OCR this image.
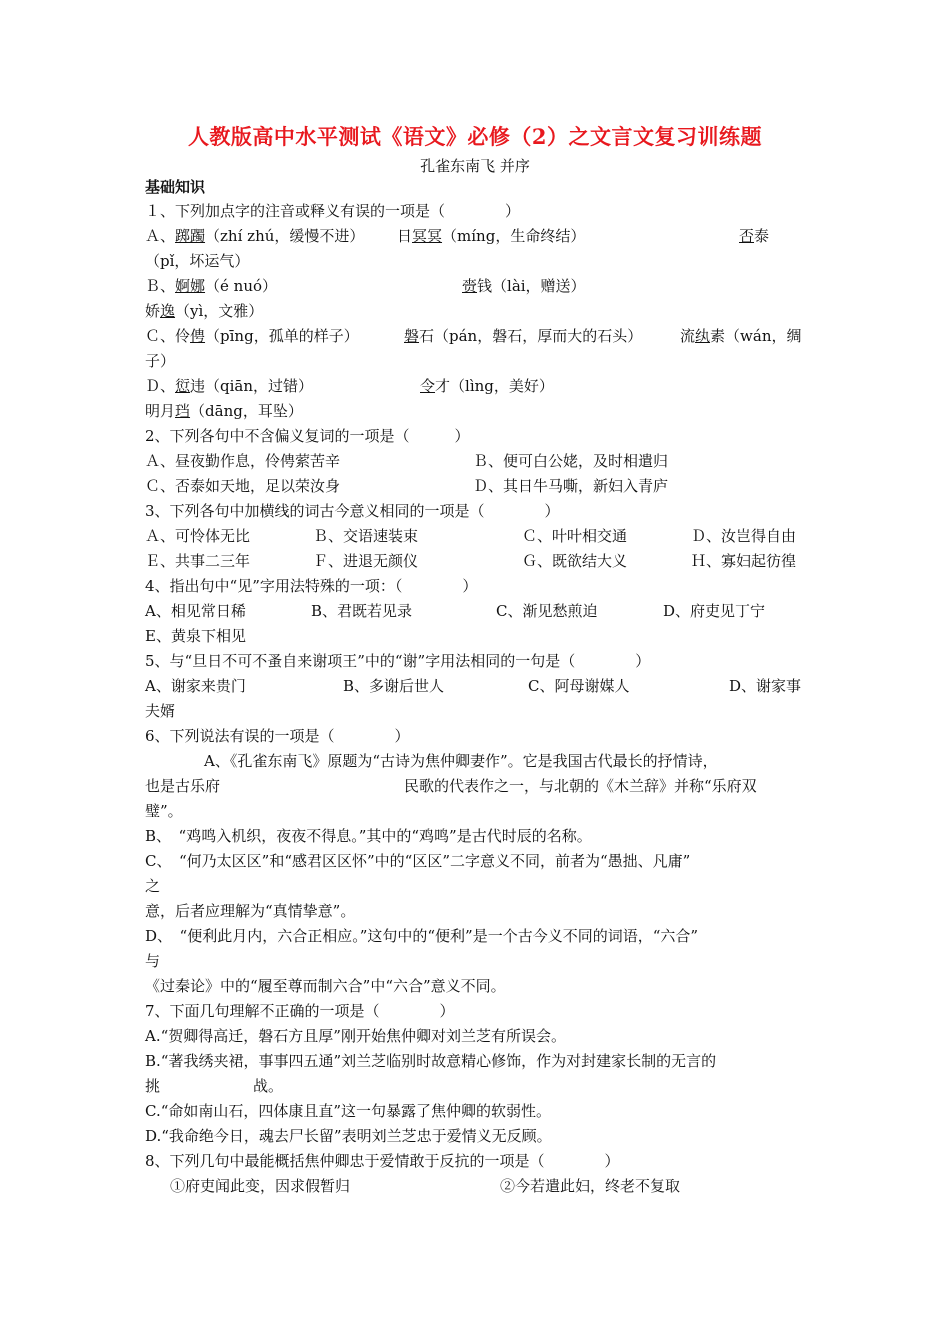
人教版高中水平测试《语文》必修（2）之文言文复习训练题
孔雀东南飞 并序
基础知识
１、下列加点字的注音或释义有误的一项是（　　　　）
Ａ、踯躅（zhí zhú，缓慢不进） 日冥冥（míng，生命终结）	否泰
（pǐ，坏运气）
Ｂ、婀娜（é nuó）	赍钱（lài，赠送）
娇逸（yì，文雅）
Ｃ、伶俜（pīng，孤单的样子）	磐石（pán，磐石，厚而大的石头）	流纨素（wán，绸
子）
Ｄ、愆违（qiān，过错）	令才（lìng，美好）
明月珰（dāng，耳坠）
2、下列各句中不含偏义复词的一项是（　　　）
Ａ、昼夜勤作息，伶俜萦苦辛	Ｂ、便可白公姥，及时相遣归
Ｃ、否泰如天地，足以荣汝身	Ｄ、其日牛马嘶，新妇入青庐
3、下列各句中加横线的词古今意义相同的一项是（　　　　）
Ａ、可怜体无比	Ｂ、交语速装束	Ｃ、叶叶相交通	Ｄ、汝岂得自由
Ｅ、共事二三年	Ｆ、进退无颜仪	Ｇ、既欲结大义	Ｈ、寡妇起彷徨
4、指出句中“见”字用法特殊的一项：（　　　　）
A、相见常日稀	B、君既若见录	C、渐见愁煎迫	D、府吏见丁宁
E、黄泉下相见
5、与“旦日不可不蚤自来谢项王”中的“谢”字用法相同的一句是（　　　　）
A、谢家来贵门	B、多谢后世人	C、阿母谢媒人	D、谢家事
夫婿
6、下列说法有误的一项是（　　　　）
A、《孔雀东南飞》原题为“古诗为焦仲卿妻作”。它是我国古代最长的抒情诗，
也是古乐府	民歌的代表作之一，与北朝的《木兰辞》并称“乐府双
璧”。
B、　“鸡鸣入机织，夜夜不得息。”其中的“鸡鸣”是古代时辰的名称。
C、　“何乃太区区”和“感君区区怀”中的“区区”二字意义不同，前者为“愚拙、凡庸”
之
意，后者应理解为“真情挚意”。
D、　“便利此月内，六合正相应。”这句中的“便利”是一个古今义不同的词语，“六合”
与
《过秦论》中的“履至尊而制六合”中“六合”意义不同。
7、下面几句理解不正确的一项是（　　　　）
A.“贺卿得高迁，磐石方且厚”刚开始焦仲卿对刘兰芝有所误会。
B.“著我绣夹裙，事事四五通”刘兰芝临别时故意精心修饰，作为对封建家长制的无言的
挑	战。
C.“命如南山石，四体康且直”这一句暴露了焦仲卿的软弱性。
D.“我命绝今日，魂去尸长留”表明刘兰芝忠于爱情义无反顾。
8、下列几句中最能概括焦仲卿忠于爱情敢于反抗的一项是（　　　　）
①府吏闻此变，因求假暂归	②今若遣此妇，终老不复取
